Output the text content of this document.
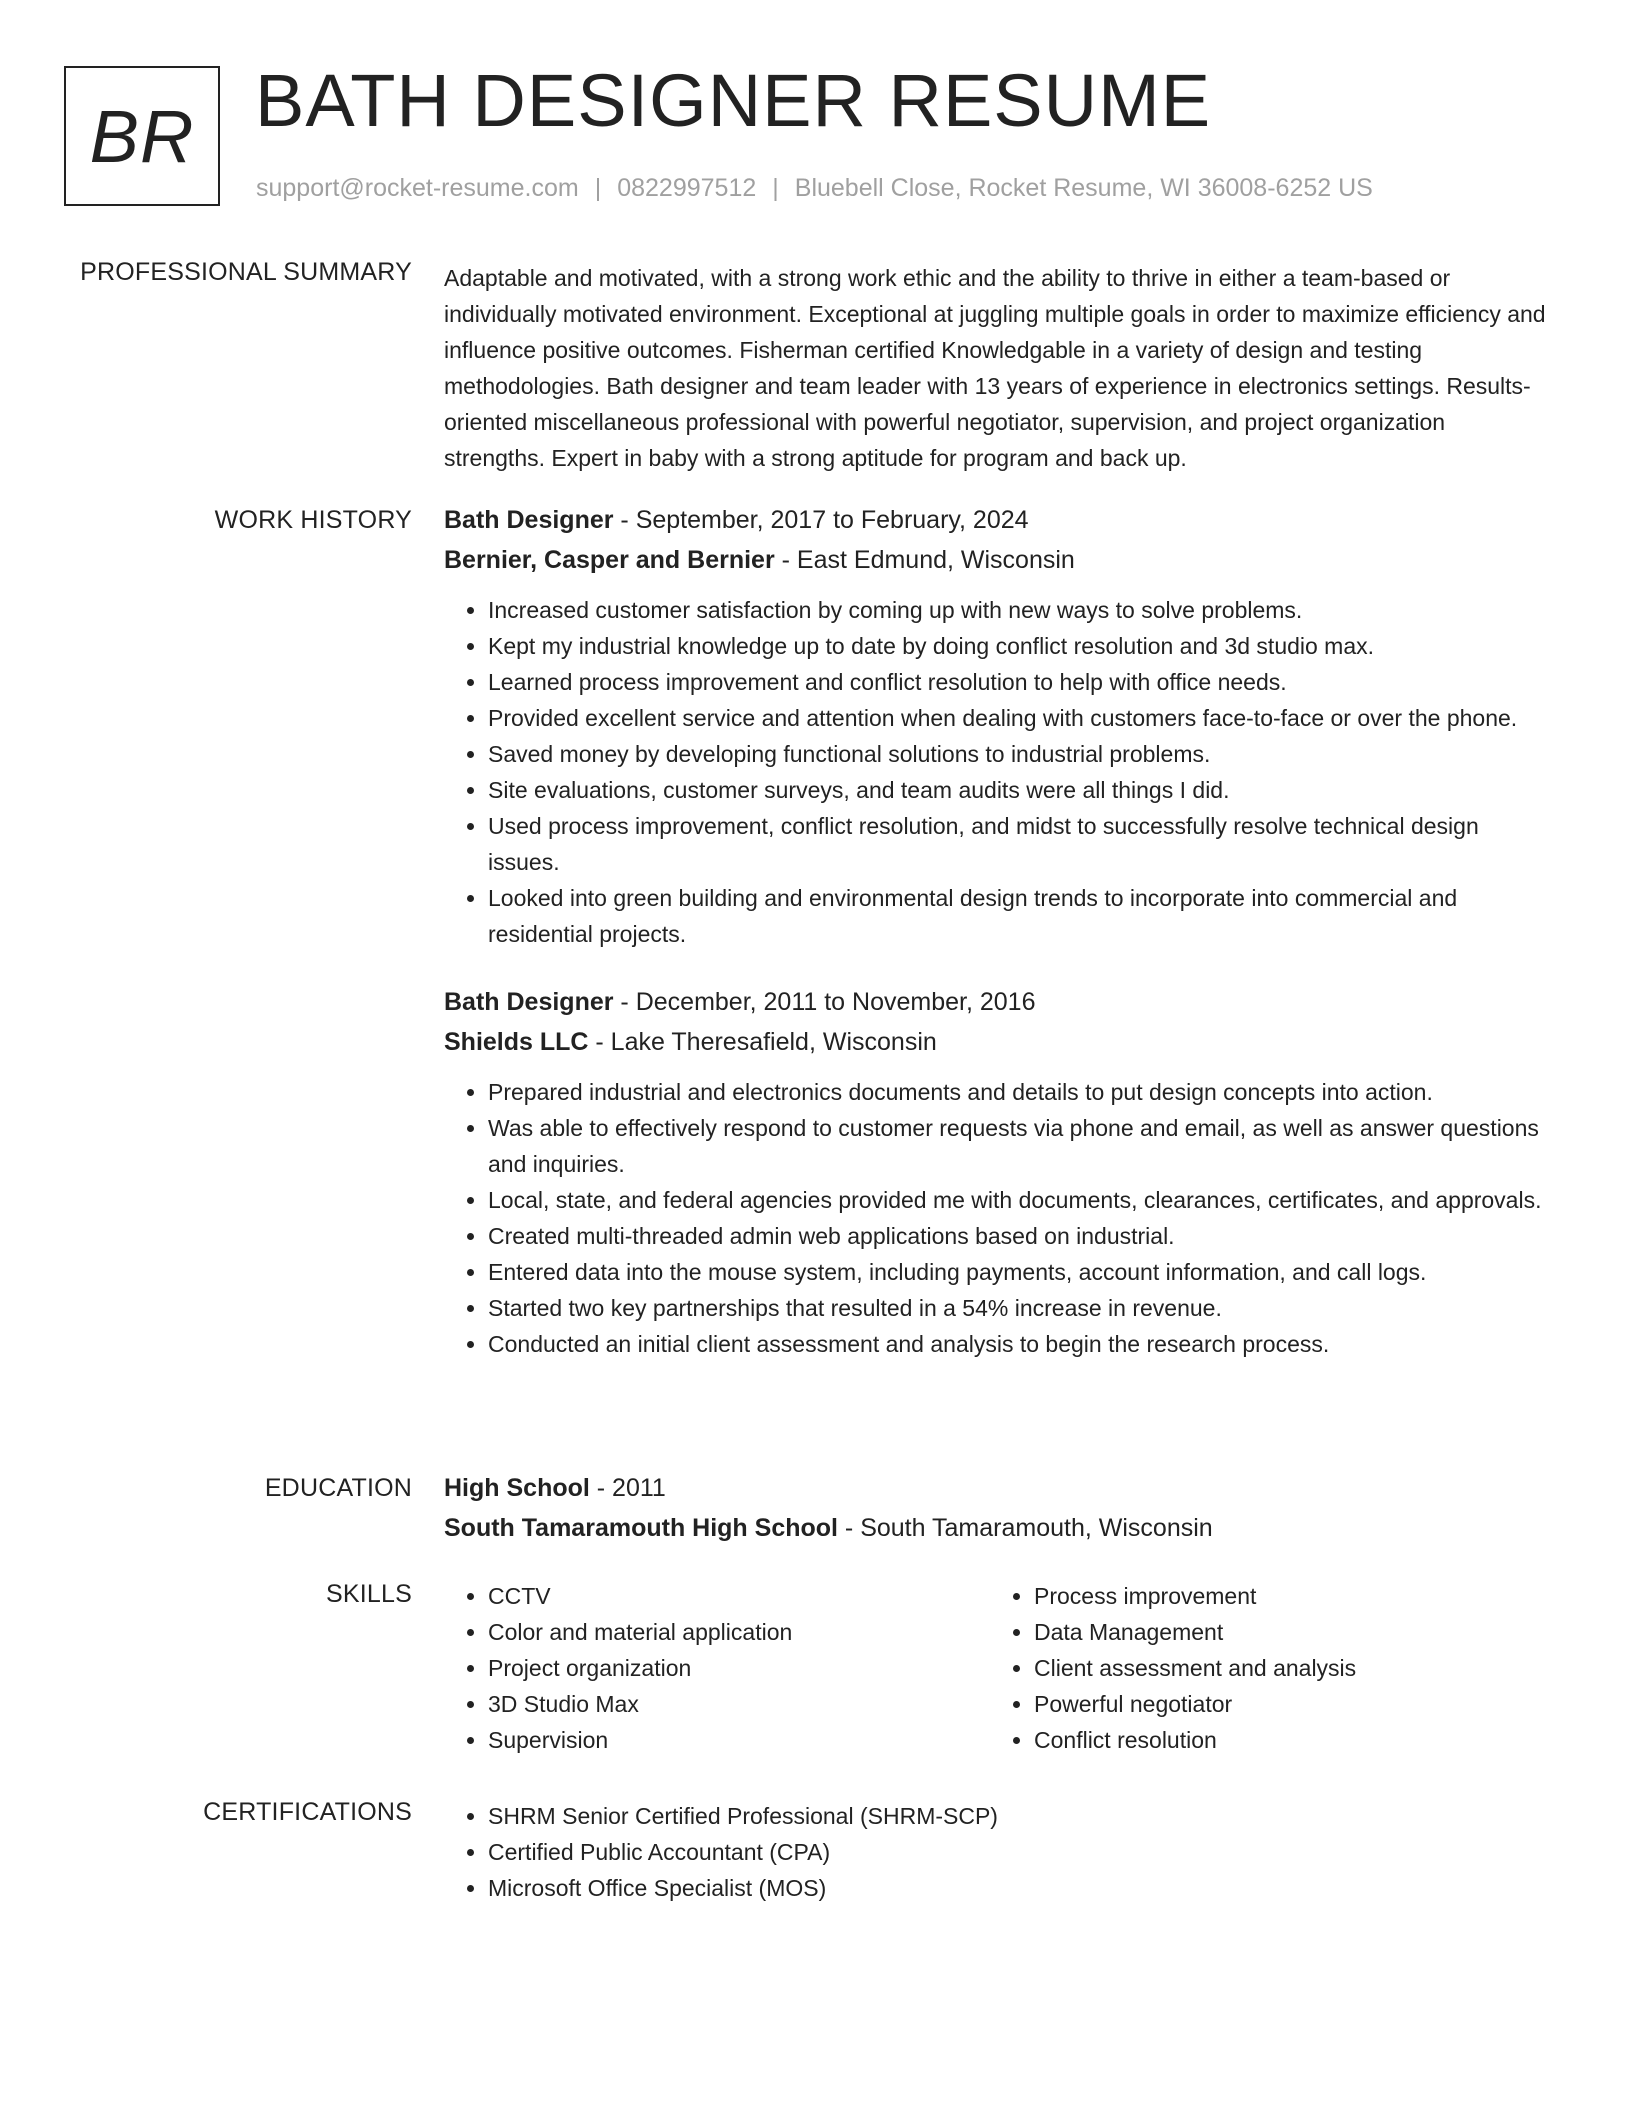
BR BATH DESIGNER RESUME
support@rocket-resume.com | 0822997512 | Bluebell Close, Rocket Resume, WI 36008-6252 US
PROFESSIONAL SUMMARY Adaptable and motivated, with a strong work ethic and the ability to thrive in either a team-based or individually motivated environment. Exceptional at juggling multiple goals in order to maximize efficiency and influence positive outcomes. Fisherman certified Knowledgable in a variety of design and testing methodologies. Bath designer and team leader with 13 years of experience in electronics settings. Results-oriented miscellaneous professional with powerful negotiator, supervision, and project organization strengths. Expert in baby with a strong aptitude for program and back up.

WORK HISTORY Bath Designer - September, 2017 to February, 2024
Bernier, Casper and Bernier - East Edmund, Wisconsin
• Increased customer satisfaction by coming up with new ways to solve problems.
• Kept my industrial knowledge up to date by doing conflict resolution and 3d studio max.
• Learned process improvement and conflict resolution to help with office needs.
• Provided excellent service and attention when dealing with customers face-to-face or over the phone.
• Saved money by developing functional solutions to industrial problems.
• Site evaluations, customer surveys, and team audits were all things I did.
• Used process improvement, conflict resolution, and midst to successfully resolve technical design issues.
• Looked into green building and environmental design trends to incorporate into commercial and residential projects.
Bath Designer - December, 2011 to November, 2016
Shields LLC - Lake Theresafield, Wisconsin
• Prepared industrial and electronics documents and details to put design concepts into action.
• Was able to effectively respond to customer requests via phone and email, as well as answer questions and inquiries.
• Local, state, and federal agencies provided me with documents, clearances, certificates, and approvals.
• Created multi-threaded admin web applications based on industrial.
• Entered data into the mouse system, including payments, account information, and call logs.
• Started two key partnerships that resulted in a 54% increase in revenue.
• Conducted an initial client assessment and analysis to begin the research process.
EDUCATION High School - 2011
South Tamaramouth High School - South Tamaramouth, Wisconsin
SKILLS	• CCTV
• Color and material application
• Project organization
• 3D Studio Max
• Supervision
• Process improvement
• Data Management
• Client assessment and analysis
• Powerful negotiator
• Conflict resolution
CERTIFICATIONS	• SHRM Senior Certified Professional (SHRM-SCP)
• Certified Public Accountant (CPA)
• Microsoft Office Specialist (MOS)
